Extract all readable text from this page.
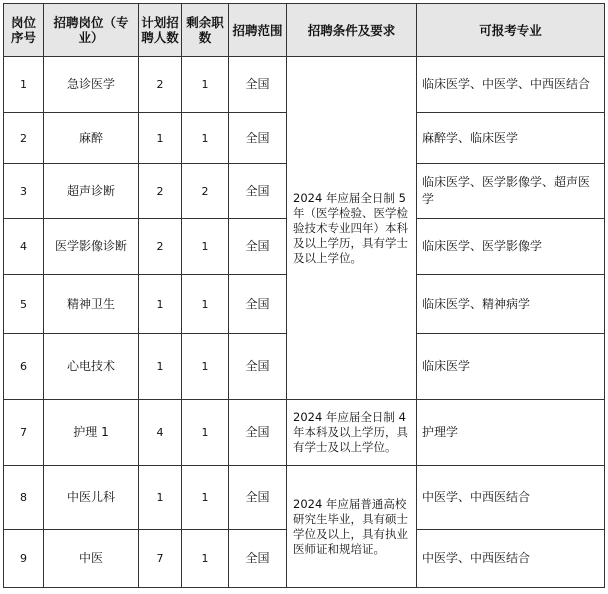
岗位序号	招聘岗位（专业）	计划招聘人数	剩余职数	招聘范围	招聘条件及要求	可报考专业
1	急诊医学	2	1	全国	2024 年应届全日制 5 年（医学检验、医学检验技术专业四年）本科及以上学历，具有学士及以上学位。	临床医学、中医学、中西医结合
2	麻醉	1	1	全国		麻醉学、临床医学
3	超声诊断	2	2	全国		临床医学、医学影像学、超声医学
4	医学影像诊断	2	1	全国		临床医学、医学影像学
5	精神卫生	1	1	全国		临床医学、精神病学
6	心电技术	1	1	全国		临床医学
7	护理 1	4	1	全国	2024 年应届全日制 4 年本科及以上学历，具有学士及以上学位。	护理学
8	中医儿科	1	1	全国	2024 年应届普通高校研究生毕业，具有硕士学位及以上，具有执业医师证和规培证。	中医学、中西医结合
9	中医	7	1	全国		中医学、中西医结合
